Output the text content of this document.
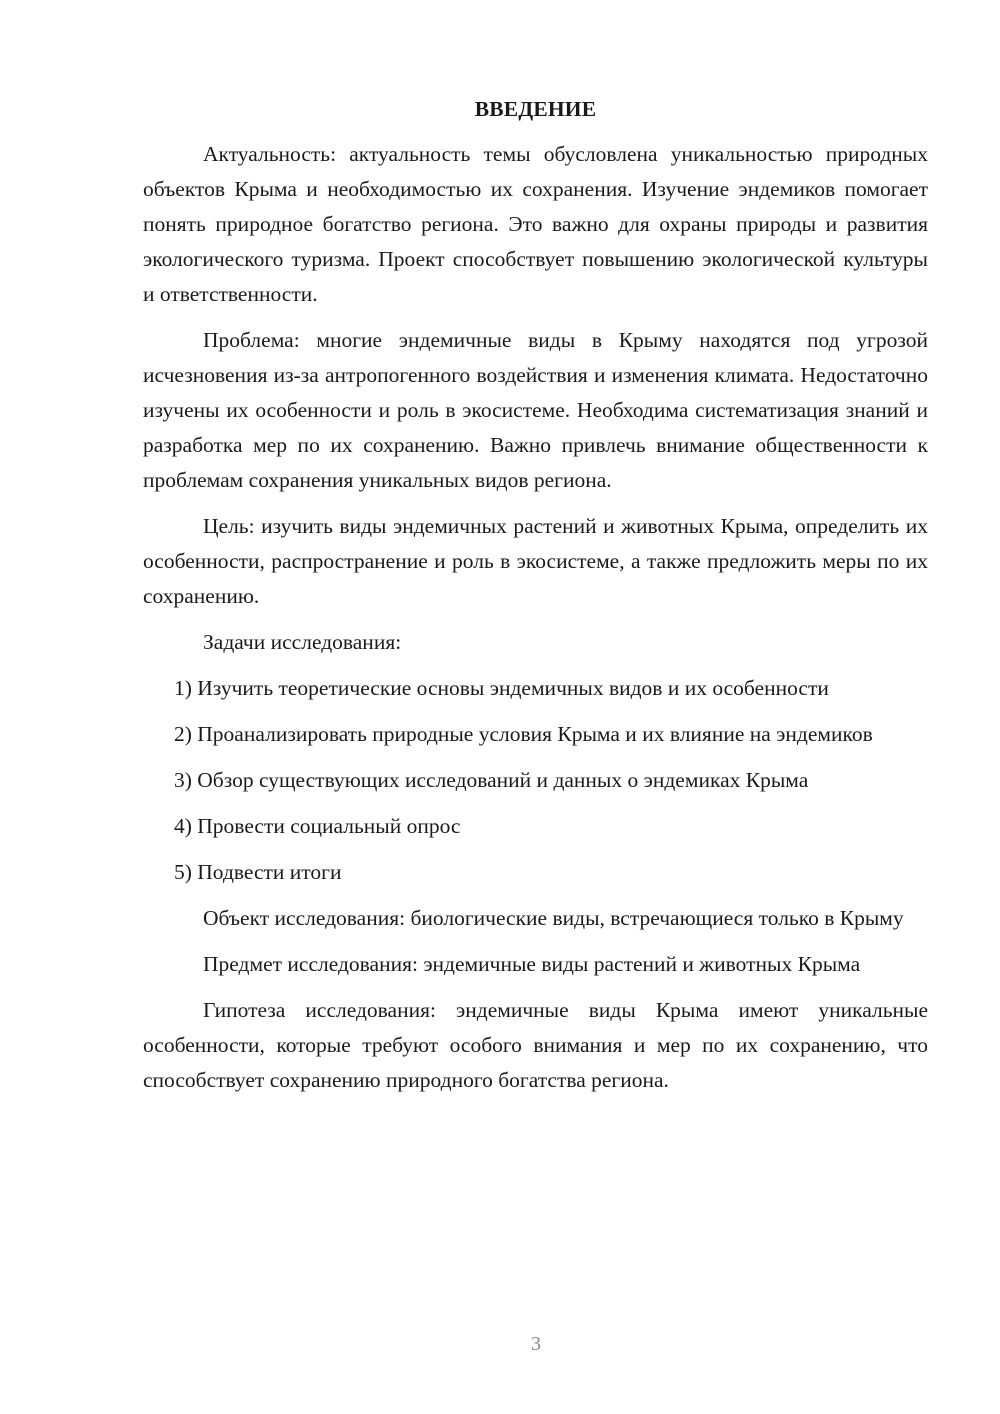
ВВЕДЕНИЕ

Актуальность: актуальность темы обусловлена уникальностью природных объектов Крыма и необходимостью их сохранения. Изучение эндемиков помогает понять природное богатство региона. Это важно для охраны природы и развития экологического туризма. Проект способствует повышению экологической культуры и ответственности.

Проблема: многие эндемичные виды в Крыму находятся под угрозой исчезновения из-за антропогенного воздействия и изменения климата. Недостаточно изучены их особенности и роль в экосистеме. Необходима систематизация знаний и разработка мер по их сохранению. Важно привлечь внимание общественности к проблемам сохранения уникальных видов региона.

Цель: изучить виды эндемичных растений и животных Крыма, определить их особенности, распространение и роль в экосистеме, а также предложить меры по их сохранению.

Задачи исследования:

1) Изучить теоретические основы эндемичных видов и их особенности

2) Проанализировать природные условия Крыма и их влияние на эндемиков

3) Обзор существующих исследований и данных о эндемиках Крыма

4) Провести социальный опрос

5) Подвести итоги

Объект исследования: биологические виды, встречающиеся только в Крыму

Предмет исследования: эндемичные виды растений и животных Крыма

Гипотеза исследования: эндемичные виды Крыма имеют уникальные особенности, которые требуют особого внимания и мер по их сохранению, что способствует сохранению природного богатства региона.

3
